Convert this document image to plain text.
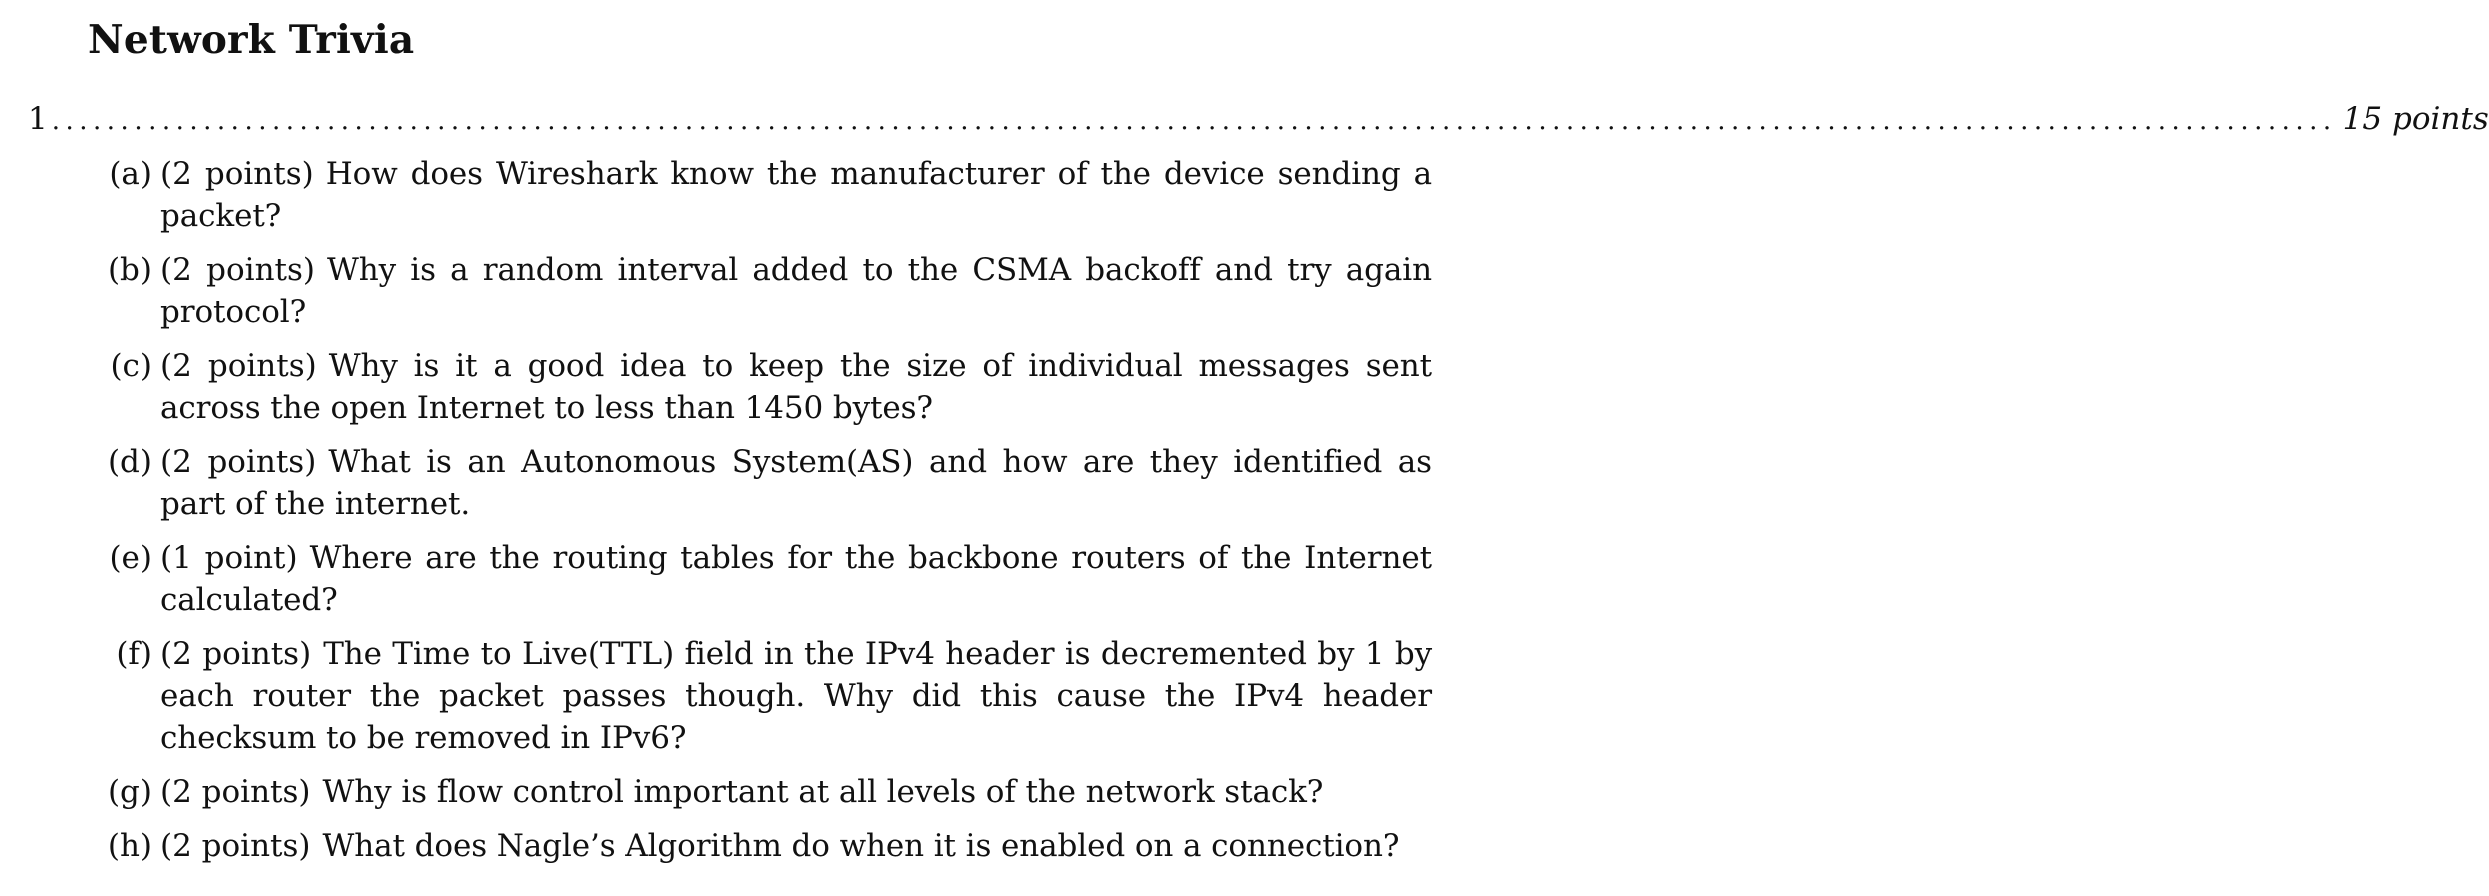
Network Trivia
1 ...................................................................................................................................................................... 15 points
(a) (2 points) How does Wireshark know the manufacturer of the device sending a packet?
(b) (2 points) Why is a random interval added to the CSMA backoff and try again protocol?
(c) (2 points) Why is it a good idea to keep the size of individual messages sent across the open Internet to less than 1450 bytes?
(d) (2 points) What is an Autonomous System(AS) and how are they identified as part of the internet.
(e) (1 point) Where are the routing tables for the backbone routers of the Internet calculated?
(f) (2 points) The Time to Live(TTL) field in the IPv4 header is decremented by 1 by each router the packet passes though. Why did this cause the IPv4 header checksum to be removed in IPv6?
(g) (2 points) Why is flow control important at all levels of the network stack?
(h) (2 points) What does Nagle’s Algorithm do when it is enabled on a connection?
